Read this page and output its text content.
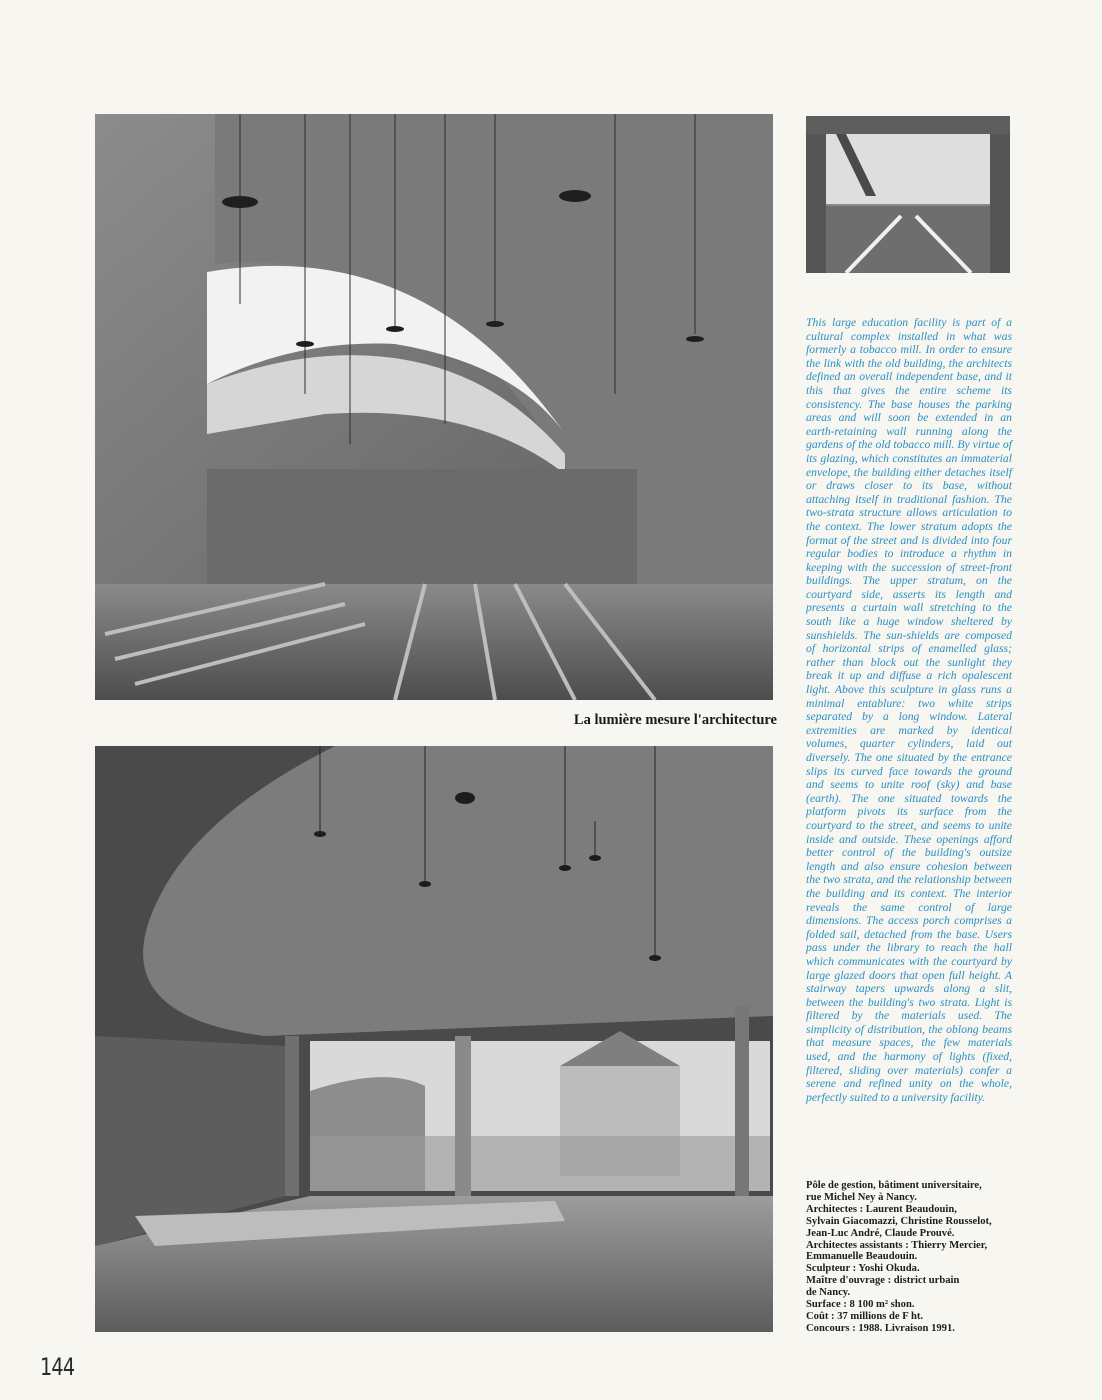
La lumière mesure l'architecture

This large education facility is part of a cultural complex installed in what was formerly a tobacco mill. In order to ensure the link with the old building, the architects defined an overall independent base, and it this that gives the entire scheme its consistency. The base houses the parking areas and will soon be extended in an earth-retaining wall running along the gardens of the old tobacco mill. By virtue of its glazing, which constitutes an immaterial envelope, the building either detaches itself or draws closer to its base, without attaching itself in traditional fashion. The two-strata structure allows articulation to the context. The lower stratum adopts the format of the street and is divided into four regular bodies to introduce a rhythm in keeping with the succession of street-front buildings. The upper stratum, on the courtyard side, asserts its length and presents a curtain wall stretching to the south like a huge window sheltered by sunshields. The sun-shields are composed of horizontal strips of enamelled glass; rather than block out the sunlight they break it up and diffuse a rich opalescent light. Above this sculpture in glass runs a minimal entablure: two white strips separated by a long window. Lateral extremities are marked by identical volumes, quarter cylinders, laid out diversely. The one situated by the entrance slips its curved face towards the ground and seems to unite roof (sky) and base (earth). The one situated towards the platform pivots its surface from the courtyard to the street, and seems to unite inside and outside. These openings afford better control of the building's outsize length and also ensure cohesion between the two strata, and the relationship between the building and its context. The interior reveals the same control of large dimensions. The access porch comprises a folded sail, detached from the base. Users pass under the library to reach the hall which communicates with the courtyard by large glazed doors that open full height. A stairway tapers upwards along a slit, between the building's two strata. Light is filtered by the materials used. The simplicity of distribution, the oblong beams that measure spaces, the few materials used, and the harmony of lights (fixed, filtered, sliding over materials) confer a serene and refined unity on the whole, perfectly suited to a university facility.

Pôle de gestion, bâtiment universitaire,
rue Michel Ney à Nancy.
Architectes : Laurent Beaudouin,
Sylvain Giacomazzi, Christine Rousselot,
Jean-Luc André, Claude Prouvé.
Architectes assistants : Thierry Mercier,
Emmanuelle Beaudouin.
Sculpteur : Yoshi Okuda.
Maître d'ouvrage : district urbain
de Nancy.
Surface : 8 100 m² shon.
Coût : 37 millions de F ht.
Concours : 1988. Livraison 1991.
144
